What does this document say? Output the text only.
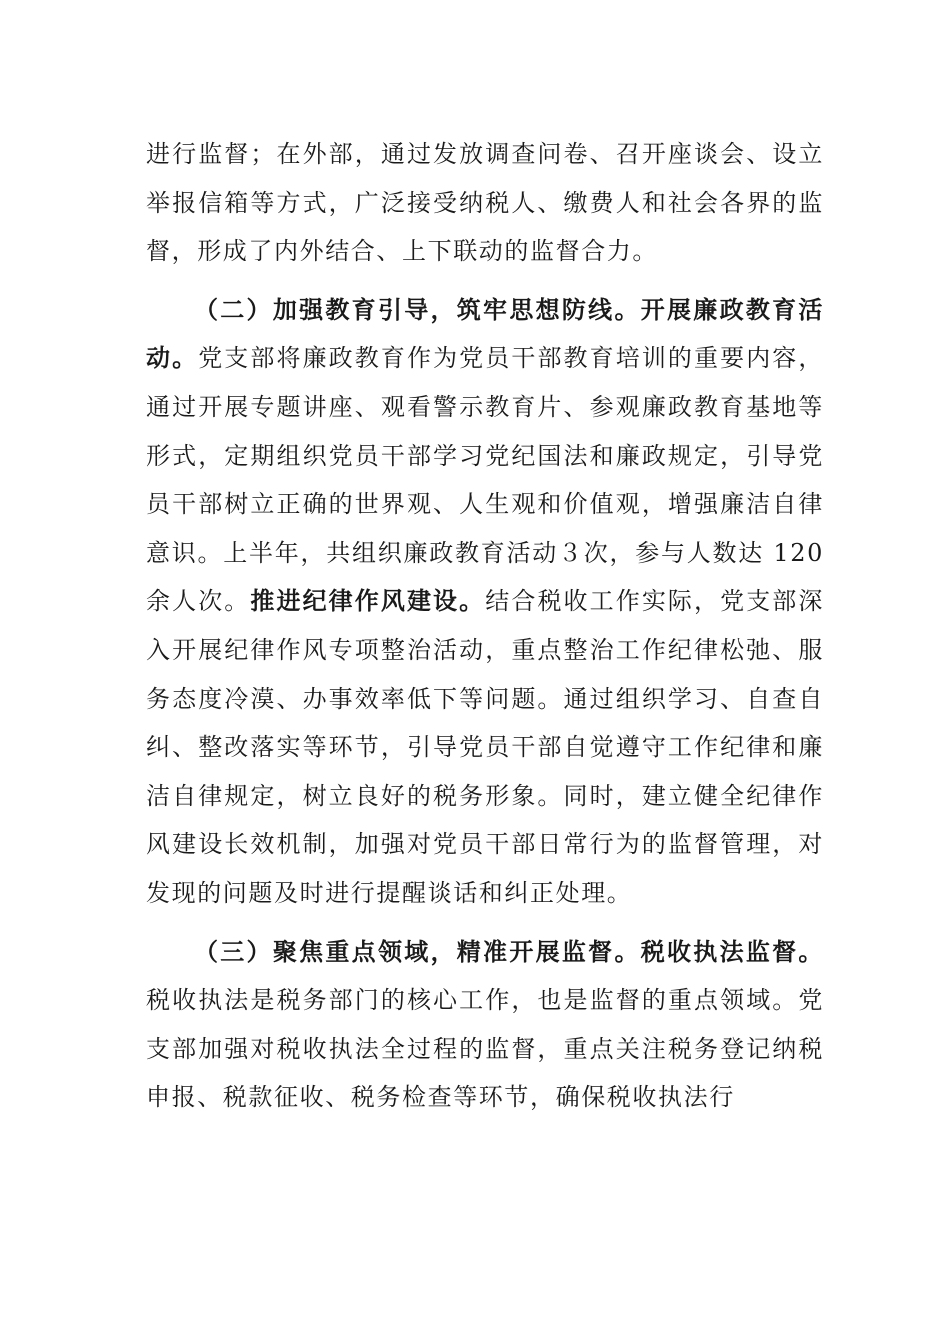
进行监督；在外部，通过发放调查问卷、召开座谈会、设立举报信箱等方式，广泛接受纳税人、缴费人和社会各界的监督，形成了内外结合、上下联动的监督合力。

（二）加强教育引导，筑牢思想防线。开展廉政教育活动。党支部将廉政教育作为党员干部教育培训的重要内容，通过开展专题讲座、观看警示教育片、参观廉政教育基地等形式，定期组织党员干部学习党纪国法和廉政规定，引导党员干部树立正确的世界观、人生观和价值观，增强廉洁自律意识。上半年，共组织廉政教育活动３次，参与人数达 120 余人次。推进纪律作风建设。结合税收工作实际，党支部深入开展纪律作风专项整治活动，重点整治工作纪律松弛、服务态度冷漠、办事效率低下等问题。通过组织学习、自查自纠、整改落实等环节，引导党员干部自觉遵守工作纪律和廉洁自律规定，树立良好的税务形象。同时，建立健全纪律作风建设长效机制，加强对党员干部日常行为的监督管理，对发现的问题及时进行提醒谈话和纠正处理。

（三）聚焦重点领域，精准开展监督。税收执法监督。税收执法是税务部门的核心工作，也是监督的重点领域。党支部加强对税收执法全过程的监督，重点关注税务登记纳税申报、税款征收、税务检查等环节，确保税收执法行
